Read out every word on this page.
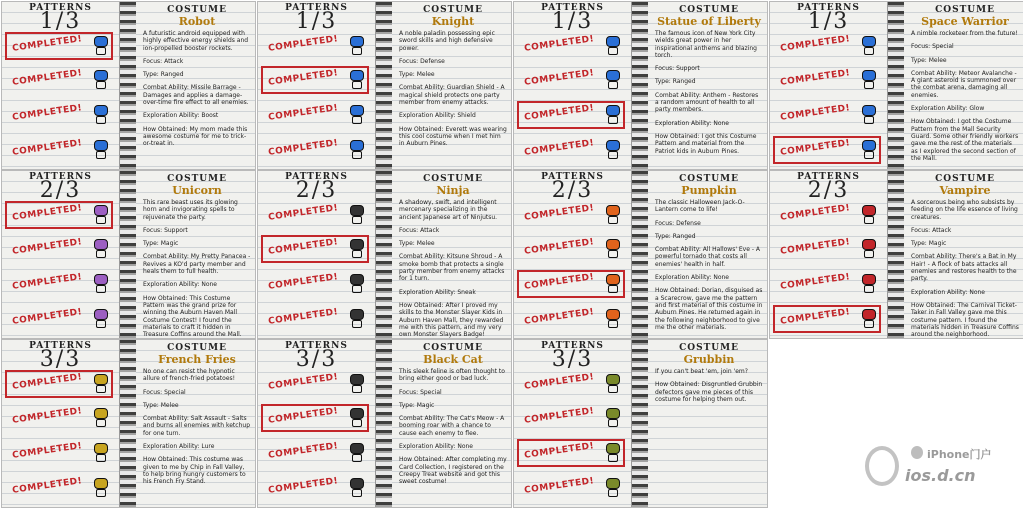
PATTERNS
1/3
COMPLETED!
COMPLETED!
COMPLETED!
COMPLETED!
COSTUME
Robot
A futuristic android equipped with highly effective energy shields and ion-propelled booster rockets.
Focus: Attack
Type: Ranged
Combat Ability: Missile Barrage - Damages and applies a damage-over-time fire effect to all enemies.
Exploration Ability: Boost
How Obtained: My mom made this awesome costume for me to trick-or-treat in.
PATTERNS
1/3
COMPLETED!
COMPLETED!
COMPLETED!
COMPLETED!
COSTUME
Knight
A noble paladin possessing epic sword skills and high defensive power.
Focus: Defense
Type: Melee
Combat Ability: Guardian Shield - A magical shield protects one party member from enemy attacks.
Exploration Ability: Shield
How Obtained: Everett was wearing this cool costume when I met him in Auburn Pines.
PATTERNS
1/3
COMPLETED!
COMPLETED!
COMPLETED!
COMPLETED!
COSTUME
Statue of Liberty
The famous icon of New York City wields great power in her inspirational anthems and blazing torch.
Focus: Support
Type: Ranged
Combat Ability: Anthem - Restores a random amount of health to all party members.
Exploration Ability: None
How Obtained: I got this Costume Pattern and material from the Patriot kids in Auburn Pines.
PATTERNS
1/3
COMPLETED!
COMPLETED!
COMPLETED!
COMPLETED!
COSTUME
Space Warrior
A nimble rocketeer from the future!
Focus: Special
Type: Melee
Combat Ability: Meteor Avalanche - A giant asteroid is summoned over the combat arena, damaging all enemies.
Exploration Ability: Glow
How Obtained: I got the Costume Pattern from the Mall Security Guard. Some other friendly workers gave me the rest of the materials as I explored the second section of the Mall.
PATTERNS
2/3
COMPLETED!
COMPLETED!
COMPLETED!
COMPLETED!
COSTUME
Unicorn
This rare beast uses its glowing horn and invigorating spells to rejuvenate the party.
Focus: Support
Type: Magic
Combat Ability: My Pretty Panacea - Revives a KO'd party member and heals them to full health.
Exploration Ability: None
How Obtained: This Costume Pattern was the grand prize for winning the Auburn Haven Mall Costume Contest! I found the materials to craft it hidden in Treasure Coffins around the Mall.
PATTERNS
2/3
COMPLETED!
COMPLETED!
COMPLETED!
COMPLETED!
COSTUME
Ninja
A shadowy, swift, and intelligent mercenary specializing in the ancient Japanese art of Ninjutsu.
Focus: Attack
Type: Melee
Combat Ability: Kitsune Shroud - A smoke bomb that protects a single party member from enemy attacks for 1 turn.
Exploration Ability: Sneak
How Obtained: After I proved my skills to the Monster Slayer Kids in Auburn Haven Mall, they rewarded me with this pattern, and my very own Monster Slayers Badge!
PATTERNS
2/3
COMPLETED!
COMPLETED!
COMPLETED!
COMPLETED!
COSTUME
Pumpkin
The classic Halloween Jack-O-Lantern come to life!
Focus: Defense
Type: Ranged
Combat Ability: All Hallows' Eve - A powerful tornado that costs all enemies' health in half.
Exploration Ability: None
How Obtained: Dorian, disguised as a Scarecrow, gave me the pattern and first material of this costume in Auburn Pines. He returned again in the following neighborhood to give me the other materials.
PATTERNS
2/3
COMPLETED!
COMPLETED!
COMPLETED!
COMPLETED!
COSTUME
Vampire
A sorcerous being who subsists by feeding on the life essence of living creatures.
Focus: Attack
Type: Magic
Combat Ability: There's a Bat in My Hair! - A flock of bats attacks all enemies and restores health to the party.
Exploration Ability: None
How Obtained: The Carnival Ticket-Taker in Fall Valley gave me this costume pattern. I found the materials hidden in Treasure Coffins around the neighborhood.
PATTERNS
3/3
COMPLETED!
COMPLETED!
COMPLETED!
COMPLETED!
COSTUME
French Fries
No one can resist the hypnotic allure of french-fried potatoes!
Focus: Special
Type: Melee
Combat Ability: Salt Assault - Salts and burns all enemies with ketchup for one turn.
Exploration Ability: Lure
How Obtained: This costume was given to me by Chip in Fall Valley, to help bring hungry customers to his French Fry Stand.
PATTERNS
3/3
COMPLETED!
COMPLETED!
COMPLETED!
COMPLETED!
COSTUME
Black Cat
This sleek feline is often thought to bring either good or bad luck.
Focus: Special
Type: Magic
Combat Ability: The Cat's Meow - A booming roar with a chance to cause each enemy to flee.
Exploration Ability: None
How Obtained: After completing my Card Collection, I registered on the Creepy Treat website and got this sweet costume!
PATTERNS
3/3
COMPLETED!
COMPLETED!
COMPLETED!
COMPLETED!
COSTUME
Grubbin
If you can't beat 'em, join 'em?
How Obtained: Disgruntled Grubbin defectors gave me pieces of this costume for helping them out.
iPhone门户
ios.d.cn
